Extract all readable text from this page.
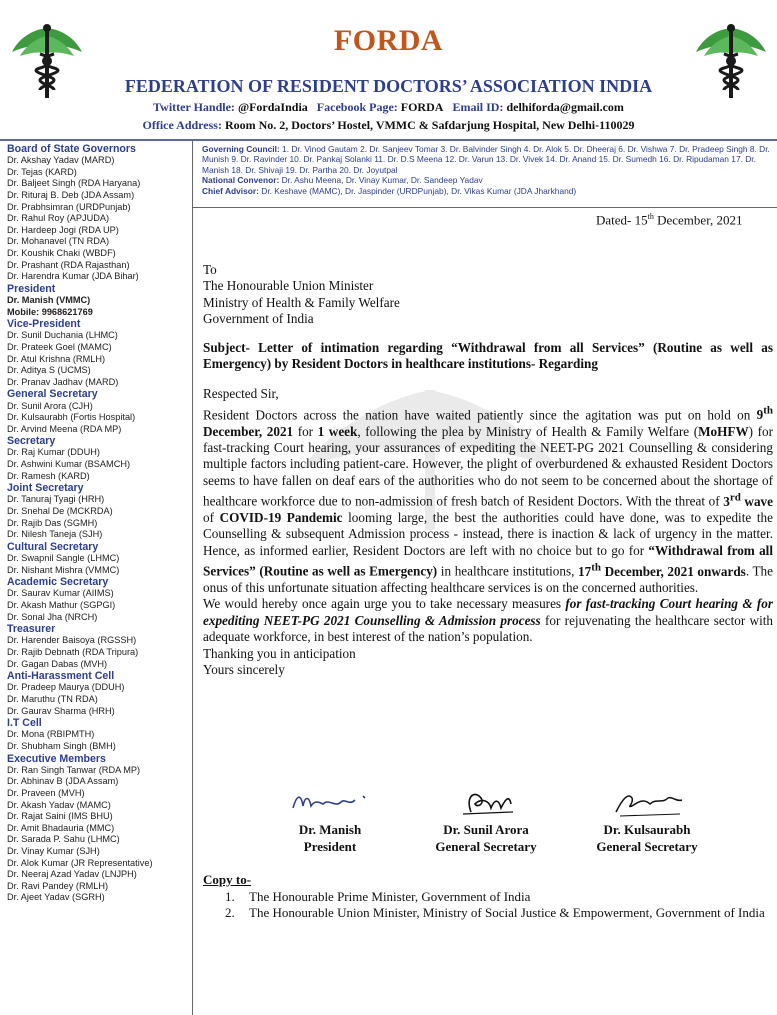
FORDA
FEDERATION OF RESIDENT DOCTORS’ ASSOCIATION INDIA
Twitter Handle: @FordaIndia Facebook Page: FORDA Email ID: delhiforda@gmail.com
Office Address: Room No. 2, Doctors’ Hostel, VMMC & Safdarjung Hospital, New Delhi-110029
Board of State Governors
Dr. Akshay Yadav (MARD)
Dr. Tejas (KARD)
Dr. Baljeet Singh (RDA Haryana)
Dr. Rituraj B. Deb (JDA Assam)
Dr. Prabhsimran (URDPunjab)
Dr. Rahul Roy (APJUDA)
Dr. Hardeep Jogi (RDA UP)
Dr. Mohanavel (TN RDA)
Dr. Koushik Chaki (WBDF)
Dr. Prashant (RDA Rajasthan)
Dr. Harendra Kumar (JDA Bihar)
President
Dr. Manish (VMMC)
Mobile: 9968621769
Vice-President
Dr. Sunil Duchania (LHMC)
Dr. Prateek Goel (MAMC)
Dr. Atul Krishna (RMLH)
Dr. Aditya S (UCMS)
Dr. Pranav Jadhav (MARD)
General Secretary
Dr. Sunil Arora (CJH)
Dr. Kulsaurabh (Fortis Hospital)
Dr. Arvind Meena (RDA MP)
Secretary
Dr. Raj Kumar (DDUH)
Dr. Ashwini Kumar (BSAMCH)
Dr. Ramesh (KARD)
Joint Secretary
Dr. Tanuraj Tyagi (HRH)
Dr. Snehal De (MCKRDA)
Dr. Rajib Das (SGMH)
Dr. Nilesh Taneja (SJH)
Cultural Secretary
Dr. Swapnil Sangle (LHMC)
Dr. Nishant Mishra (VMMC)
Academic Secretary
Dr. Saurav Kumar (AIIMS)
Dr. Akash Mathur (SGPGI)
Dr. Sonal Jha (NRCH)
Treasurer
Dr. Harender Baisoya (RGSSH)
Dr. Rajib Debnath (RDA Tripura)
Dr. Gagan Dabas (MVH)
Anti-Harassment Cell
Dr. Pradeep Maurya (DDUH)
Dr. Maruthu (TN RDA)
Dr. Gaurav Sharma (HRH)
I.T Cell
Dr. Mona (RBIPMTH)
Dr. Shubham Singh (BMH)
Executive Members
Dr. Ran Singh Tanwar (RDA MP)
Dr. Abhinav B (JDA Assam)
Dr. Praveen (MVH)
Dr. Akash Yadav (MAMC)
Dr. Rajat Saini (IMS BHU)
Dr. Amit Bhadauria (MMC)
Dr. Sarada P. Sahu (LHMC)
Dr. Vinay Kumar (SJH)
Dr. Alok Kumar (JR Representative)
Dr. Neeraj Azad Yadav (LNJPH)
Dr. Ravi Pandey (RMLH)
Dr. Ajeet Yadav (SGRH)
Governing Council: 1. Dr. Vinod Gautam 2. Dr. Sanjeev Tomar 3. Dr. Balvinder Singh 4. Dr. Alok 5. Dr. Dheeraj 6. Dr. Vishwa 7. Dr. Pradeep Singh 8. Dr. Munish 9. Dr. Ravinder 10. Dr. Pankaj Solanki 11. Dr. D.S Meena 12. Dr. Varun 13. Dr. Vivek 14. Dr. Anand 15. Dr. Sumedh 16. Dr. Ripudaman 17. Dr. Manish 18. Dr. Shivaji 19. Dr. Partha 20. Dr. Joyutpal
National Convenor: Dr. Ashu Meena, Dr. Vinay Kumar, Dr. Sandeep Yadav
Chief Advisor: Dr. Keshave (MAMC), Dr. Jaspinder (URDPunjab), Dr. Vikas Kumar (JDA Jharkhand)
Dated- 15th December, 2021

To

The Honourable Union Minister

Ministry of Health & Family Welfare

Government of India

Subject- Letter of intimation regarding “Withdrawal from all Services” (Routine as well as Emergency) by Resident Doctors in healthcare institutions- Regarding

Respected Sir,

Resident Doctors across the nation have waited patiently since the agitation was put on hold on 9th December, 2021 for 1 week, following the plea by Ministry of Health & Family Welfare (MoHFW) for fast-tracking Court hearing, your assurances of expediting the NEET-PG 2021 Counselling & considering multiple factors including patient-care. However, the plight of overburdened & exhausted Resident Doctors seems to have fallen on deaf ears of the authorities who do not seem to be concerned about the shortage of healthcare workforce due to non-admission of fresh batch of Resident Doctors. With the threat of 3rd wave of COVID-19 Pandemic looming large, the best the authorities could have done, was to expedite the Counselling & subsequent Admission process - instead, there is inaction & lack of urgency in the matter. Hence, as informed earlier, Resident Doctors are left with no choice but to go for “Withdrawal from all Services” (Routine as well as Emergency) in healthcare institutions, 17th December, 2021 onwards. The onus of this unfortunate situation affecting healthcare services is on the concerned authorities.

We would hereby once again urge you to take necessary measures for fast-tracking Court hearing & for expediting NEET-PG 2021 Counselling & Admission process for rejuvenating the healthcare sector with adequate workforce, in best interest of the nation’s population.

Thanking you in anticipation

Yours sincerely

Dr. Manish
President
Dr. Sunil Arora
General Secretary
Dr. Kulsaurabh
General Secretary
Copy to-
1. The Honourable Prime Minister, Government of India
2. The Honourable Union Minister, Ministry of Social Justice & Empowerment, Government of India
